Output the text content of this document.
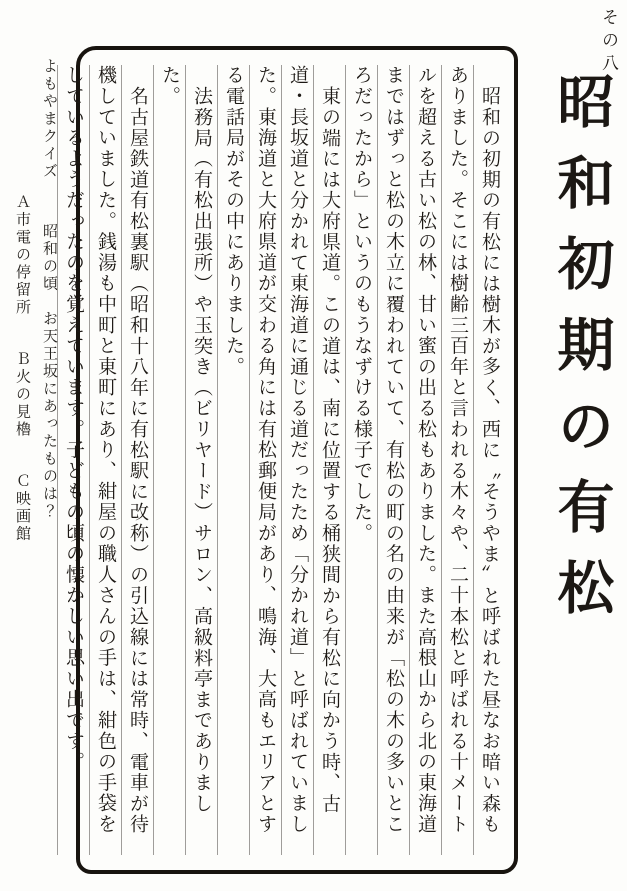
その八
昭和初期の有松

昭和の初期の有松には樹木が多く、西に〝そうやま〟と呼ばれた昼なお暗い森もありました。そこには樹齢三百年と言われる木々や、二十本松と呼ばれる十メートルを超える古い松の林、甘い蜜の出る松もありました。また高根山から北の東海道まではずっと松の木立に覆われていて、有松の町の名の由来が「松の木の多いところだったから」というのもうなずける様子でした。

東の端には大府県道。この道は、南に位置する桶狭間から有松に向かう時、古道・長坂道と分かれて東海道に通じる道だったため「分かれ道」と呼ばれていました。東海道と大府県道が交わる角には有松郵便局があり、鳴海、大高もエリアとする電話局がその中にありました。

法務局（有松出張所）や玉突き（ビリヤード）サロン、高級料亭までありました。

名古屋鉄道有松裏駅（昭和十八年に有松駅に改称）の引込線には常時、電車が待機していました。銭湯も中町と東町にあり、紺屋の職人さんの手は、紺色の手袋をしているようだったのを覚えています。子どもの頃の懐かしい思い出です。

よもやまクイズ 昭和の頃　お天王坂にあったものは？
Ａ市電の停留所 Ｂ火の見櫓 Ｃ映画館
